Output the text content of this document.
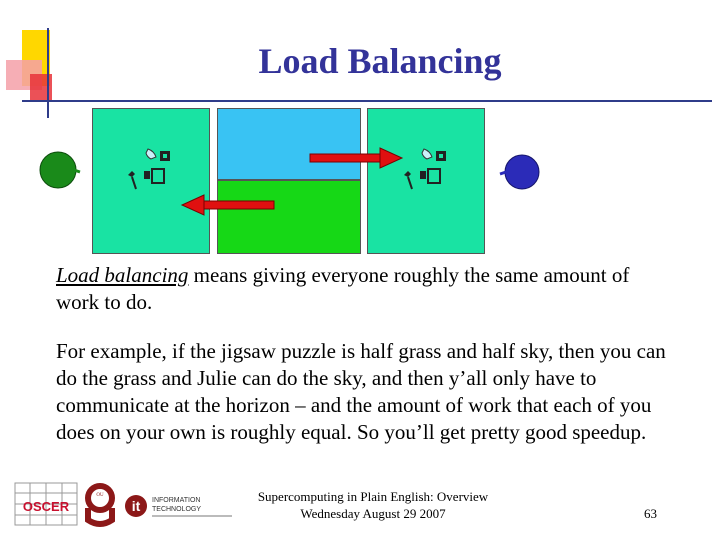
Load Balancing
Load balancing means giving everyone roughly the same amount of work to do.
For example, if the jigsaw puzzle is half grass and half sky, then you can do the grass and Julie can do the sky, and then y’all only have to communicate at the horizon – and the amount of work that each of you does on your own is roughly equal. So you’ll get pretty good speedup.
OSCER
OU
it INFORMATION
TECHNOLOGY
Supercomputing in Plain English: Overview
Wednesday August 29 2007	63
